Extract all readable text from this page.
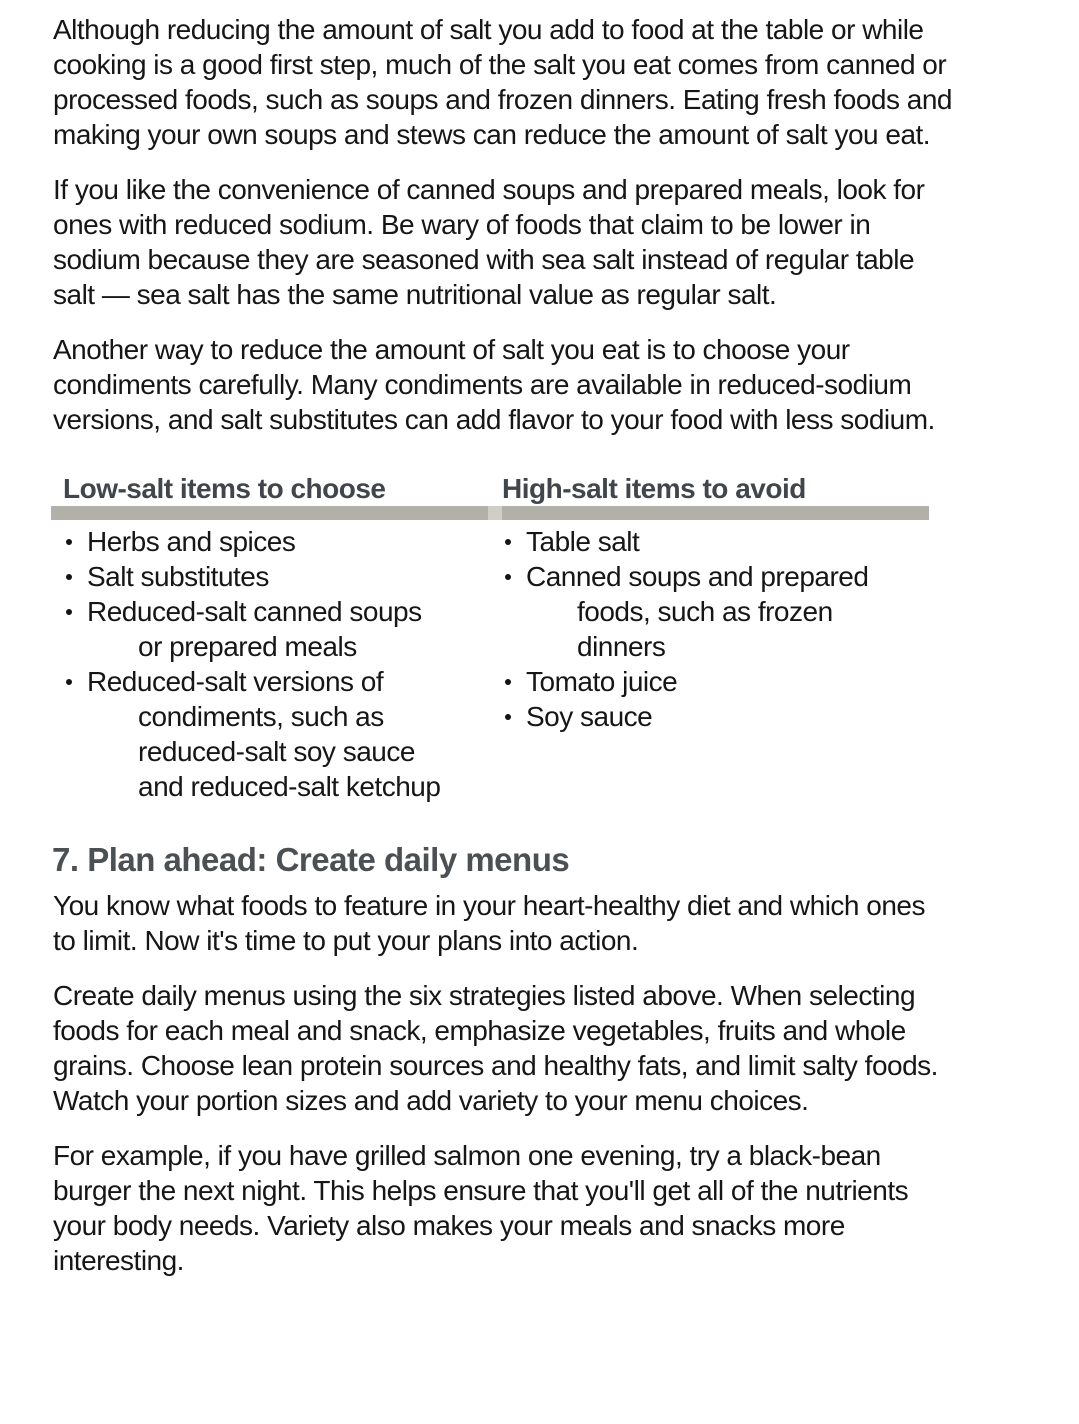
Although reducing the amount of salt you add to food at the table or while
cooking is a good first step, much of the salt you eat comes from canned or
processed foods, such as soups and frozen dinners. Eating fresh foods and
making your own soups and stews can reduce the amount of salt you eat.
If you like the convenience of canned soups and prepared meals, look for
ones with reduced sodium. Be wary of foods that claim to be lower in
sodium because they are seasoned with sea salt instead of regular table
salt — sea salt has the same nutritional value as regular salt.
Another way to reduce the amount of salt you eat is to choose your
condiments carefully. Many condiments are available in reduced-sodium
versions, and salt substitutes can add flavor to your food with less sodium.
Low-salt items to choose	High-salt items to avoid
Herbs and spices
Salt substitutes
Reduced-salt canned soups
or prepared meals
Reduced-salt versions of
condiments, such as
reduced-salt soy sauce
and reduced-salt ketchup
Table salt
Canned soups and prepared
foods, such as frozen
dinners
Tomato juice
Soy sauce
7. Plan ahead: Create daily menus
You know what foods to feature in your heart-healthy diet and which ones
to limit. Now it's time to put your plans into action.
Create daily menus using the six strategies listed above. When selecting
foods for each meal and snack, emphasize vegetables, fruits and whole
grains. Choose lean protein sources and healthy fats, and limit salty foods.
Watch your portion sizes and add variety to your menu choices.
For example, if you have grilled salmon one evening, try a black-bean
burger the next night. This helps ensure that you'll get all of the nutrients
your body needs. Variety also makes your meals and snacks more
interesting.
